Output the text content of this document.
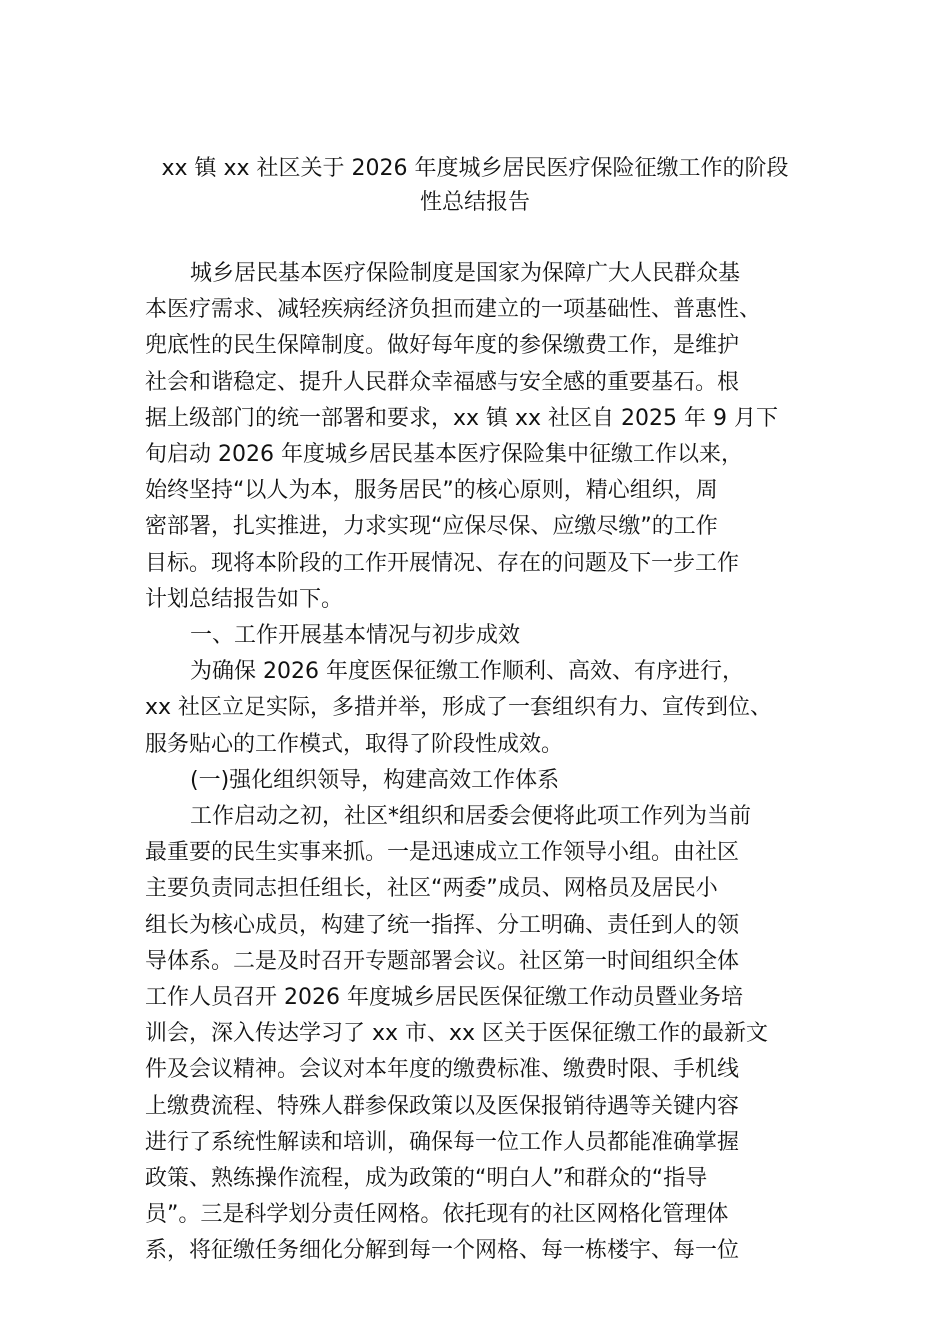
xx 镇 xx 社区关于 2026 年度城乡居民医疗保险征缴工作的阶段
性总结报告
城乡居民基本医疗保险制度是国家为保障广大人民群众基
本医疗需求、减轻疾病经济负担而建立的一项基础性、普惠性、
兜底性的民生保障制度。做好每年度的参保缴费工作，是维护
社会和谐稳定、提升人民群众幸福感与安全感的重要基石。根
据上级部门的统一部署和要求，xx 镇 xx 社区自 2025 年 9 月下
旬启动 2026 年度城乡居民基本医疗保险集中征缴工作以来，
始终坚持“以人为本，服务居民”的核心原则，精心组织，周
密部署，扎实推进，力求实现“应保尽保、应缴尽缴”的工作
目标。现将本阶段的工作开展情况、存在的问题及下一步工作
计划总结报告如下。
一、工作开展基本情况与初步成效
为确保 2026 年度医保征缴工作顺利、高效、有序进行，
xx 社区立足实际，多措并举，形成了一套组织有力、宣传到位、
服务贴心的工作模式，取得了阶段性成效。
(一)强化组织领导，构建高效工作体系
工作启动之初，社区*组织和居委会便将此项工作列为当前
最重要的民生实事来抓。一是迅速成立工作领导小组。由社区
主要负责同志担任组长，社区“两委”成员、网格员及居民小
组长为核心成员，构建了统一指挥、分工明确、责任到人的领
导体系。二是及时召开专题部署会议。社区第一时间组织全体
工作人员召开 2026 年度城乡居民医保征缴工作动员暨业务培
训会，深入传达学习了 xx 市、xx 区关于医保征缴工作的最新文
件及会议精神。会议对本年度的缴费标准、缴费时限、手机线
上缴费流程、特殊人群参保政策以及医保报销待遇等关键内容
进行了系统性解读和培训，确保每一位工作人员都能准确掌握
政策、熟练操作流程，成为政策的“明白人”和群众的“指导
员”。三是科学划分责任网格。依托现有的社区网格化管理体
系，将征缴任务细化分解到每一个网格、每一栋楼宇、每一位
